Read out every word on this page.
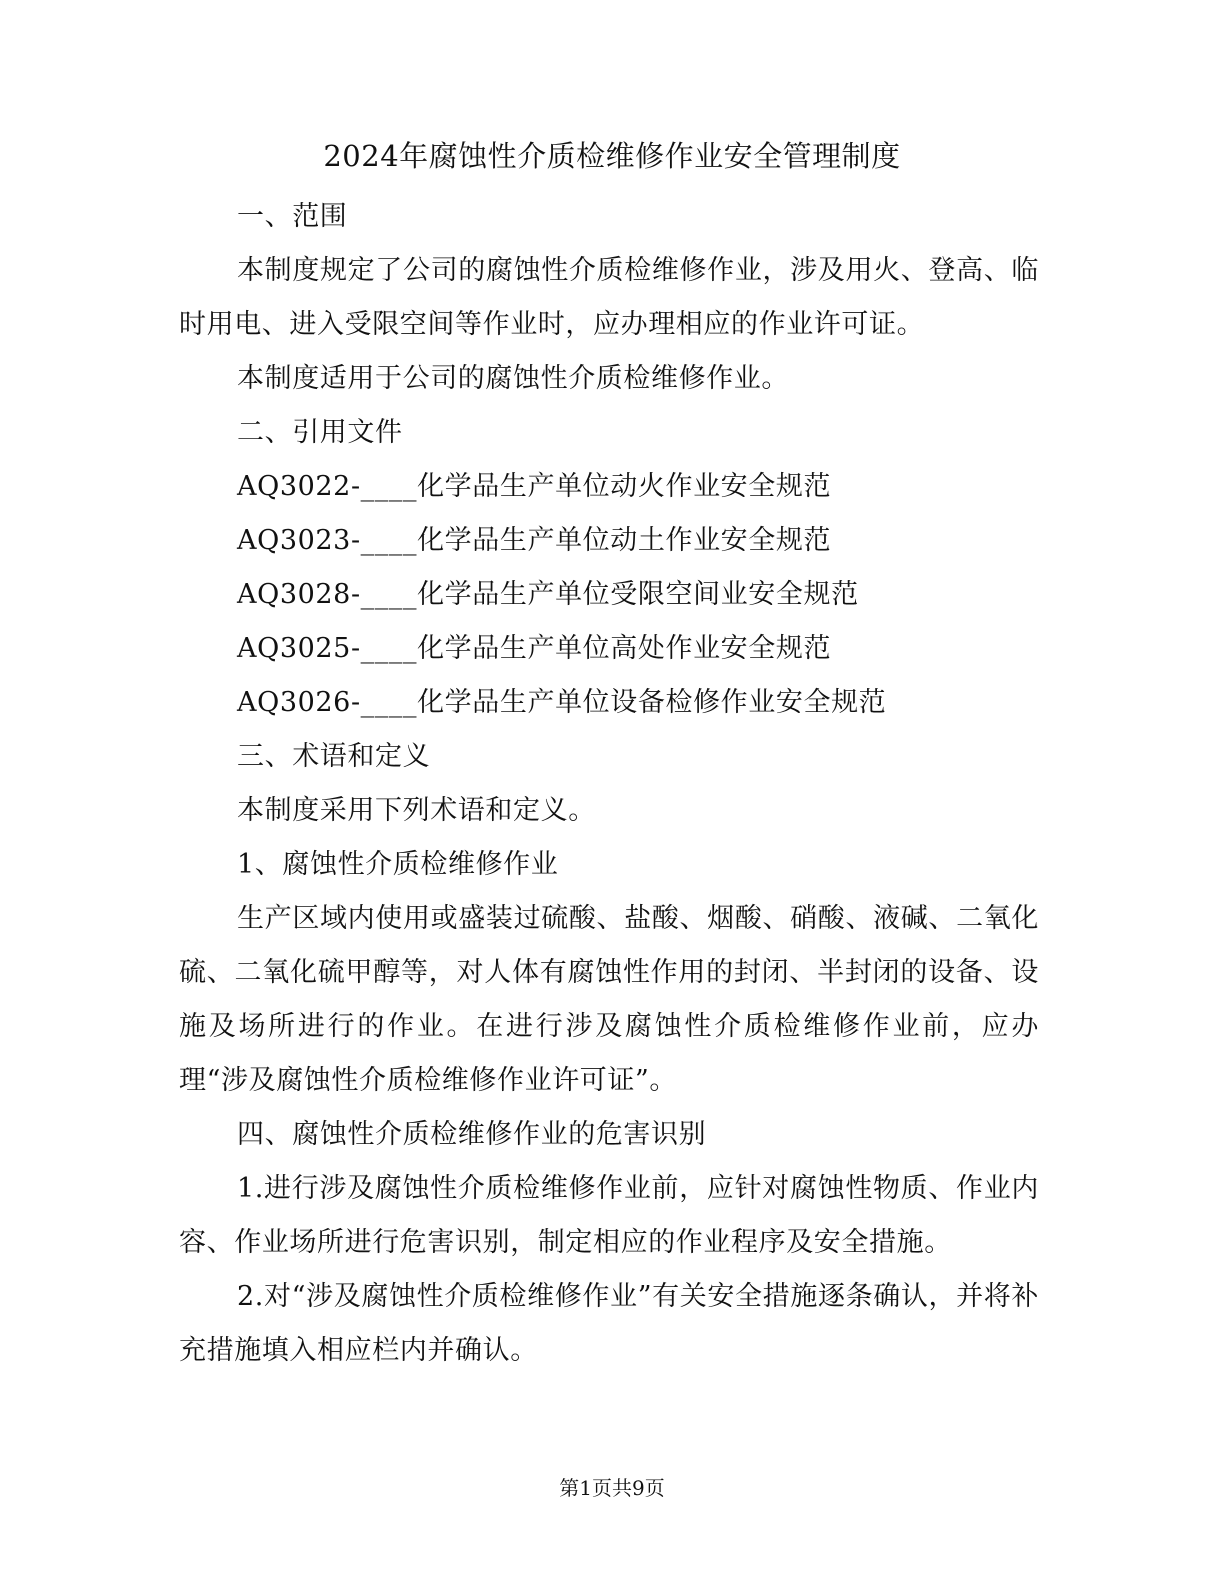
2024年腐蚀性介质检维修作业安全管理制度

一、范围

本制度规定了公司的腐蚀性介质检维修作业，涉及用火、登高、临时用电、进入受限空间等作业时，应办理相应的作业许可证。

本制度适用于公司的腐蚀性介质检维修作业。

二、引用文件

AQ3022-____化学品生产单位动火作业安全规范

AQ3023-____化学品生产单位动土作业安全规范

AQ3028-____化学品生产单位受限空间业安全规范

AQ3025-____化学品生产单位高处作业安全规范

AQ3026-____化学品生产单位设备检修作业安全规范

三、术语和定义

本制度采用下列术语和定义。

1、腐蚀性介质检维修作业

生产区域内使用或盛装过硫酸、盐酸、烟酸、硝酸、液碱、二氧化硫、二氧化硫甲醇等，对人体有腐蚀性作用的封闭、半封闭的设备、设施及场所进行的作业。在进行涉及腐蚀性介质检维修作业前，应办理“涉及腐蚀性介质检维修作业许可证”。

四、腐蚀性介质检维修作业的危害识别

1.进行涉及腐蚀性介质检维修作业前，应针对腐蚀性物质、作业内容、作业场所进行危害识别，制定相应的作业程序及安全措施。

2.对“涉及腐蚀性介质检维修作业”有关安全措施逐条确认，并将补充措施填入相应栏内并确认。

第1页共9页
